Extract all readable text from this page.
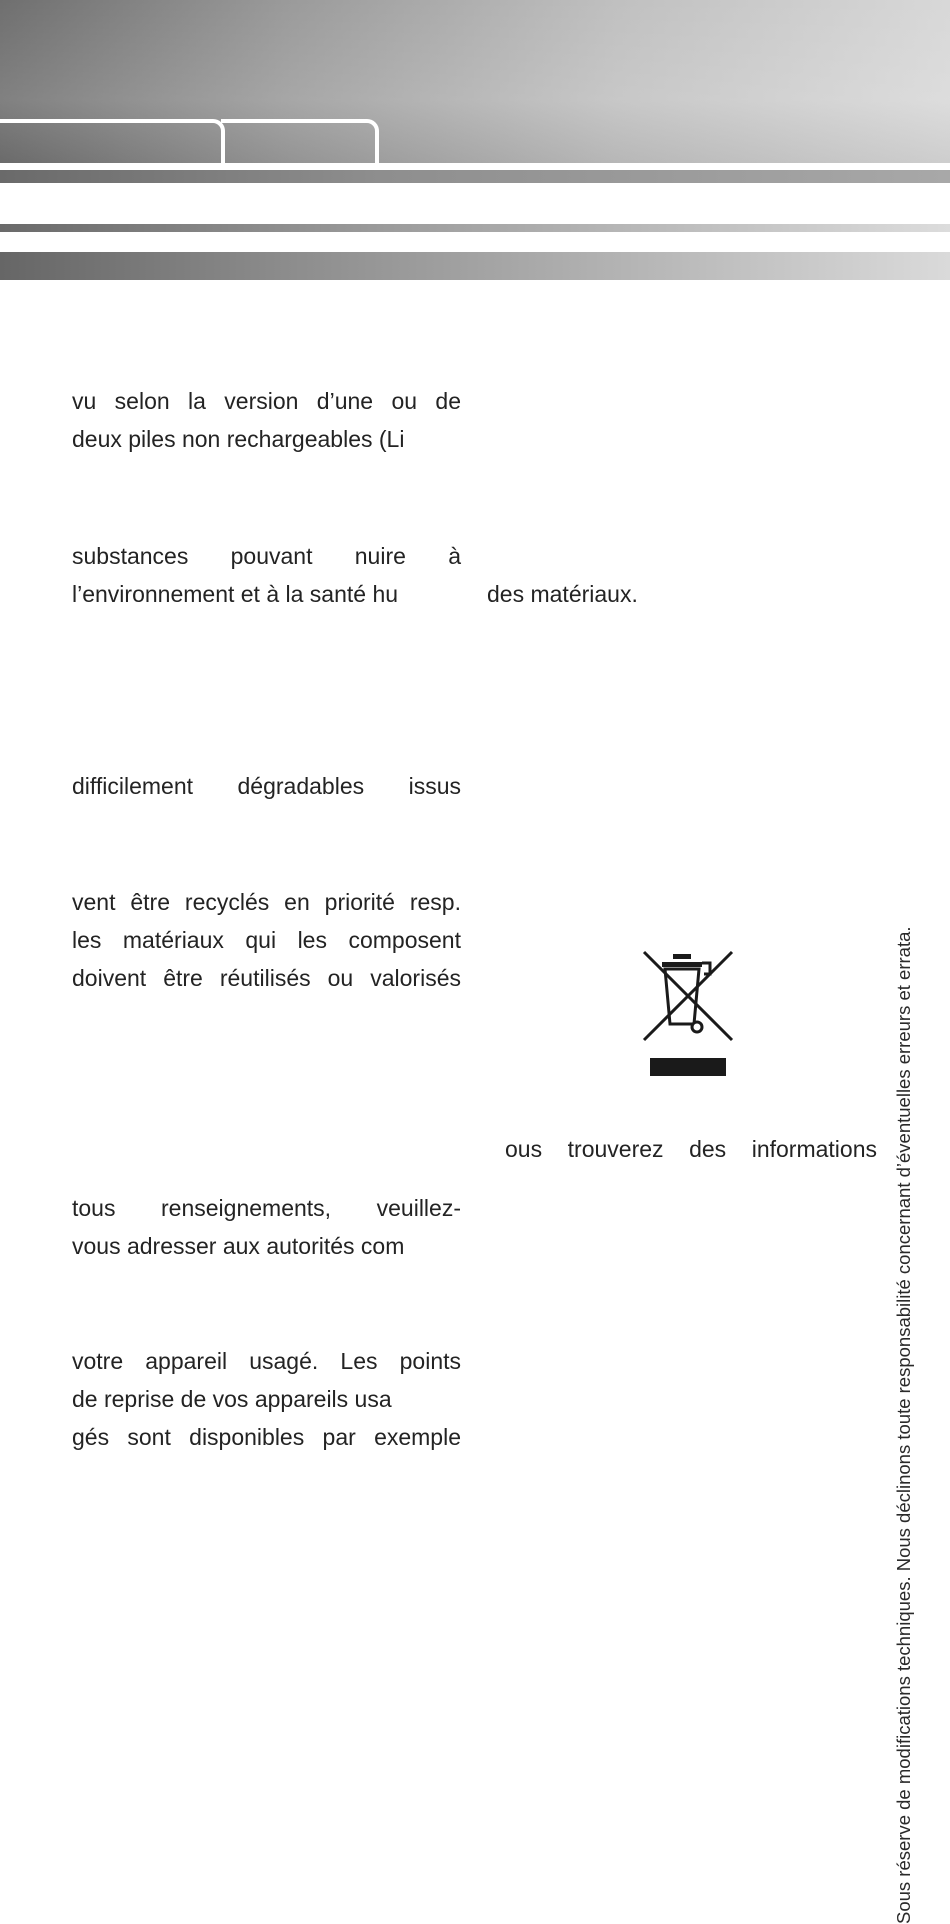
vu selon la version d’une ou de
deux piles non rechargeables (Li
substances pouvant nuire à
l’environnement et à la santé hu
difficilement dégradables issus
vent être recyclés en priorité resp.
les matériaux qui les composent
doivent être réutilisés ou valorisés
tous renseignements, veuillez-
vous adresser aux autorités com
votre appareil usagé. Les points
de reprise de vos appareils usa
gés sont disponibles par exemple

des matériaux.

ous trouverez des informations Sous réserve de modifications techniques. Nous déclinons toute responsabilité concernant d’éventuelles erreurs et errata.
